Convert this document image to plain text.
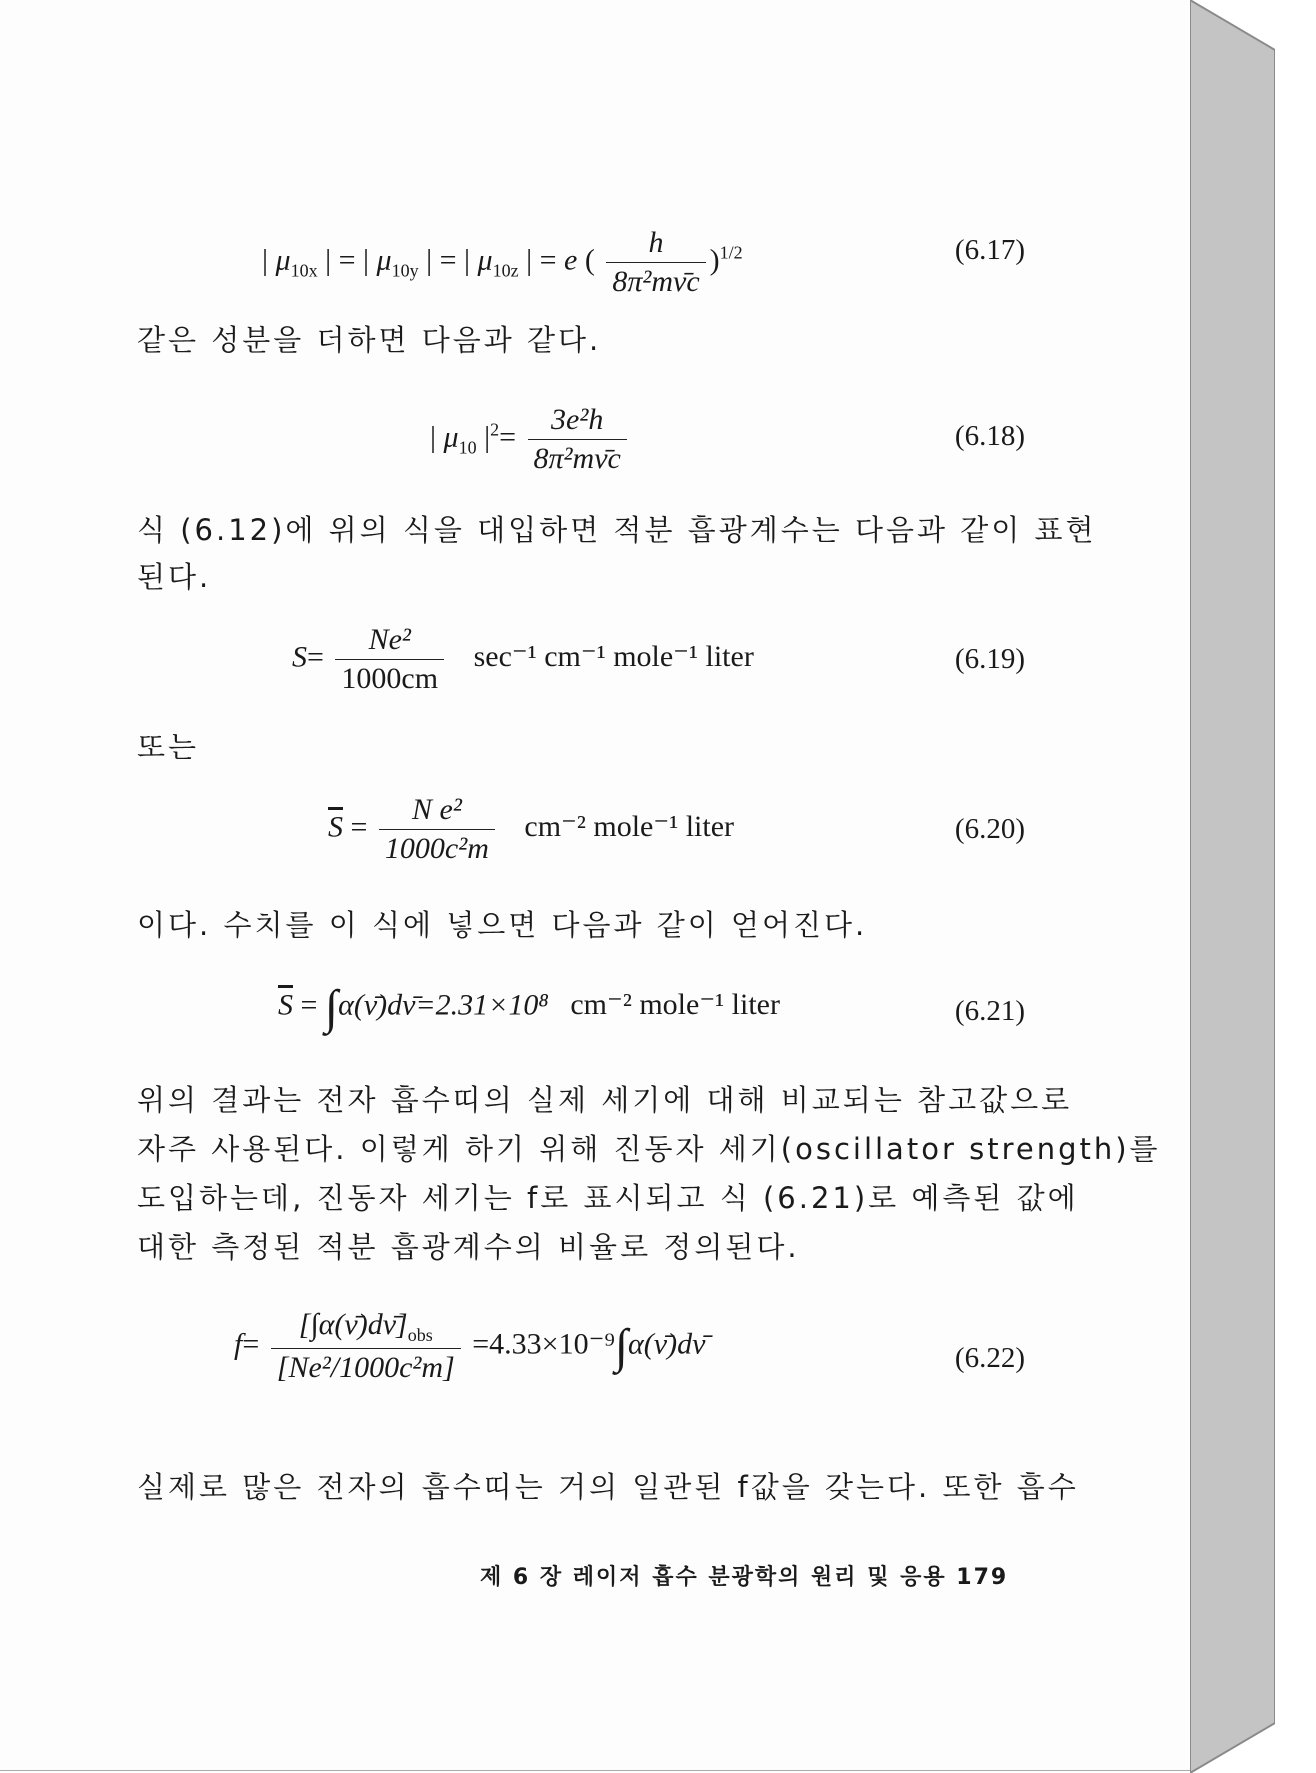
| $\mu_{10x}$ | = | $\mu_{10y}$ | = | $\mu_{10z}$ | = e ( $\frac{h}{\text{8π²mν̄c}} )^{1/2}$	(6.17)
같은 성분을 더하면 다음과 같다.
| $\mu_{10}$ $|^2= \frac{\text{3e²h}}{\text{8π²mν̄c}}$	(6.18)
식 (6.12)에 위의 식을 대입하면 적분 흡광계수는 다음과 같이 표현
된다.
$S= \frac{\text{Ne²}}{1000cm} \sec^{-1}$ cm⁻¹ mole⁻¹ liter	(6.19)
또는
$\overline{S} = \frac{\text{N e²}}{\text{1000c²m}} cm^{-2}$ mole⁻¹ liter	(6.20)
이다. 수치를 이 식에 넣으면 다음과 같이 얻어진다.
$\overline{S}$ = ∫α(ν̄)dν̄=2.31×10⁸ cm⁻² mole⁻¹ liter	(6.21)
위의 결과는 전자 흡수띠의 실제 세기에 대해 비교되는 참고값으로
자주 사용된다. 이렇게 하기 위해 진동자 세기(oscillator strength)를
도입하는데, 진동자 세기는 f로 표시되고 식 (6.21)로 예측된 값에
대한 측정된 적분 흡광계수의 비율로 정의된다.
$f= \frac{[\int\alpha(\nū)d\nū]_{obs}}{\text{[Ne²/1000c²m]}}$ =4.33×10⁻⁹∫α(ν̄)dν̄	(6.22)
실제로 많은 전자의 흡수띠는 거의 일관된 f값을 갖는다. 또한 흡수
제 6 장 레이저 흡수 분광학의 원리 및 응용 179
